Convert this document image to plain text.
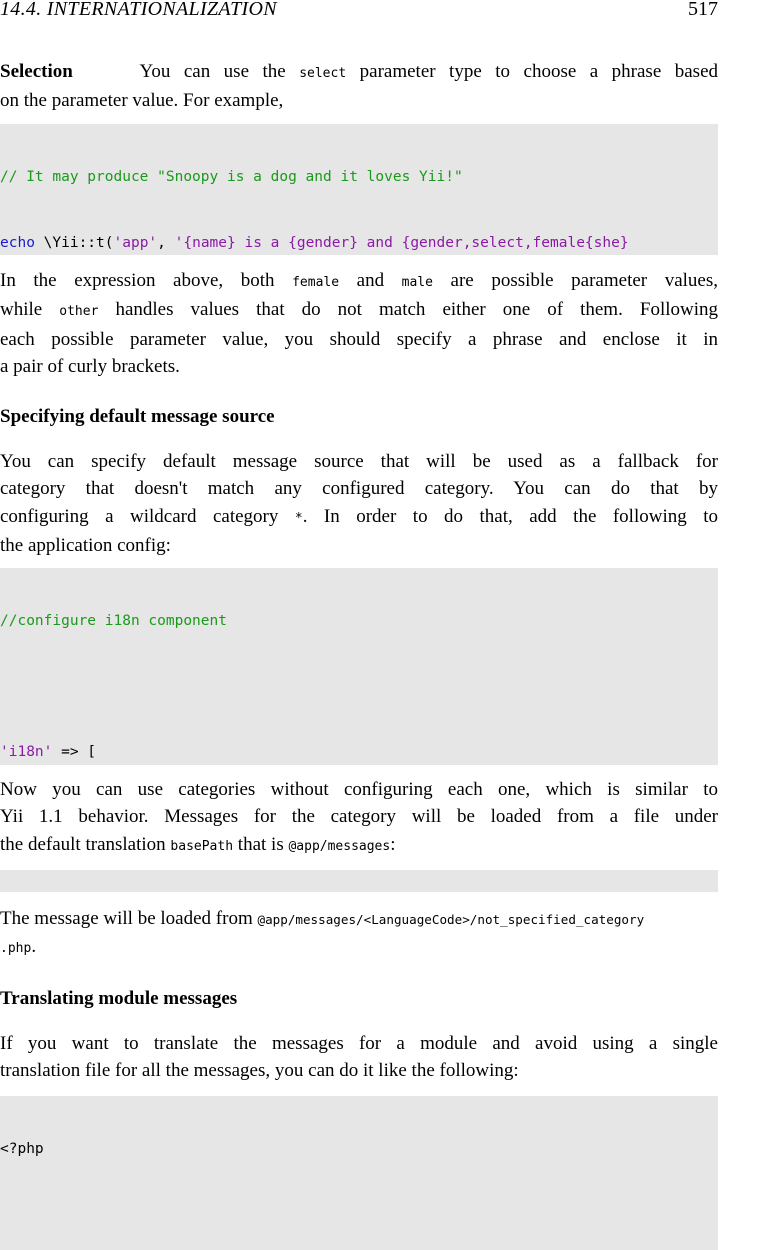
14.4. INTERNATIONALIZATION	517
Selection	You can use the select parameter type to choose a phrase based
on the parameter value. For example,

// It may produce "Snoopy is a dog and it loves Yii!"

echo \Yii::t('app', '{name} is a {gender} and {gender,select,female{she}

In the expression above, both female and male are possible parameter values,
while other handles values that do not match either one of them. Following
each possible parameter value, you should specify a phrase and enclose it in
a pair of curly brackets.
Specifying default message source
You can specify default message source that will be used as a fallback for
category that doesn't match any configured category. You can do that by
configuring a wildcard category *. In order to do that, add the following to
the application config:

//configure i18n component

'i18n' => [

Now you can use categories without configuring each one, which is similar to
Yii 1.1 behavior. Messages for the category will be loaded from a file under
the default translation basePath that is @app/messages:

The message will be loaded from @app/messages/<LanguageCode>/not_specified_category
.php.
Translating module messages
If you want to translate the messages for a module and avoid using a single
translation file for all the messages, you can do it like the following:

<?php
